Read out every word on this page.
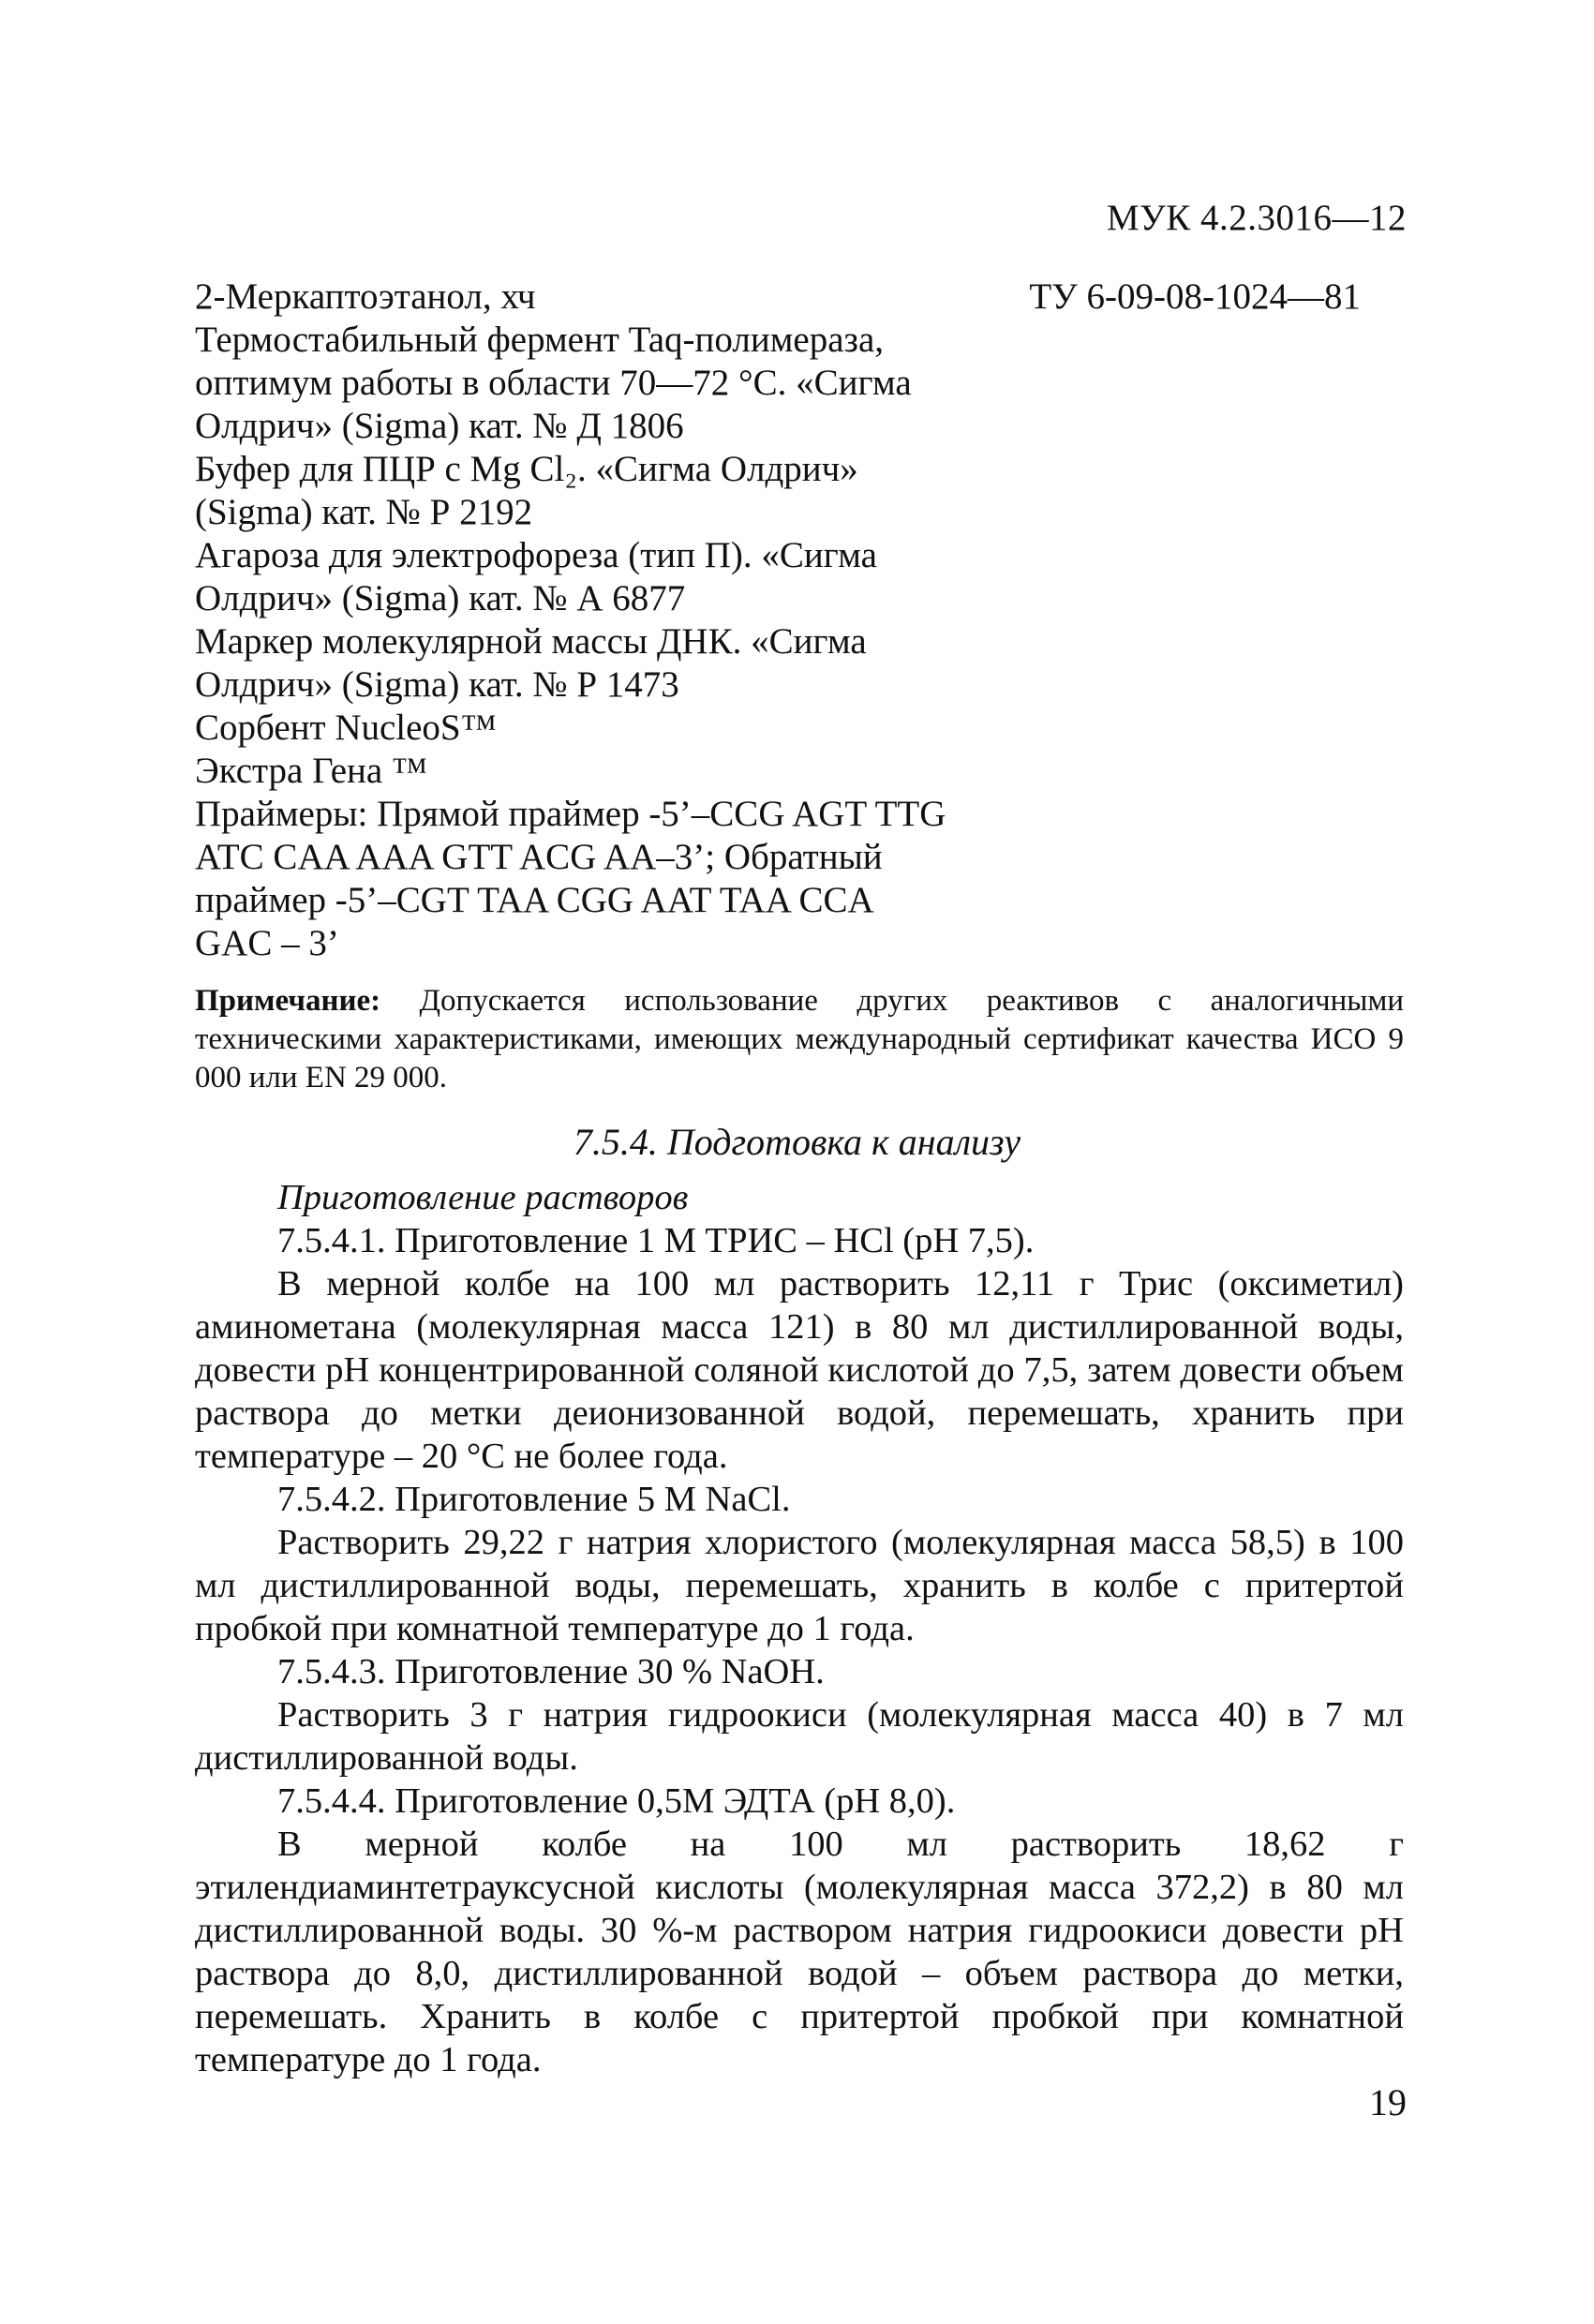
МУК 4.2.3016—12
2-Меркаптоэтанол, хч	ТУ 6-09-08-1024—81
Термостабильный фермент Taq-полимераза,
оптимум работы в области 70—72 °С. «Сигма
Олдрич» (Sigma) кат. № Д 1806
Буфер для ПЦР с Mg Cl₂. «Сигма Олдрич»
(Sigma) кат. № Р 2192
Агароза для электрофореза (тип П). «Сигма
Олдрич» (Sigma) кат. № А 6877
Маркер молекулярной массы ДНК. «Сигма
Олдрич» (Sigma) кат. № Р 1473
Сорбент NucleoS™
Экстра Гена ™
Праймеры: Прямой праймер -5’–CCG AGT TTG
ATC CAA AAA GTT ACG AA–3’; Обратный
праймер -5’–CGT TAA CGG AAT TAA CCA
GAC – 3’
Примечание: Допускается использование других реактивов с аналогичными техническими характеристиками, имеющих международный сертификат качества ИСО 9 000 или EN 29 000.
7.5.4. Подготовка к анализу
Приготовление растворов
7.5.4.1. Приготовление 1 М ТРИС – HCl (pH 7,5).

В мерной колбе на 100 мл растворить 12,11 г Трис (оксиметил) аминометана (молекулярная масса 121) в 80 мл дистиллированной воды, довести pH концентрированной соляной кислотой до 7,5, затем довести объем раствора до метки деионизованной водой, перемешать, хранить при температуре – 20 °С не более года.

7.5.4.2. Приготовление 5 М NaCl.

Растворить 29,22 г натрия хлористого (молекулярная масса 58,5) в 100 мл дистиллированной воды, перемешать, хранить в колбе с притертой пробкой при комнатной температуре до 1 года.

7.5.4.3. Приготовление 30 % NaOH.

Растворить 3 г натрия гидроокиси (молекулярная масса 40) в 7 мл дистиллированной воды.

7.5.4.4. Приготовление 0,5М ЭДТА (pH 8,0).

В мерной колбе на 100 мл растворить 18,62 г этилендиаминтетрауксусной кислоты (молекулярная масса 372,2) в 80 мл дистиллированной воды. 30 %-м раствором натрия гидроокиси довести pH раствора до 8,0, дистиллированной водой – объем раствора до метки, перемешать. Хранить в колбе с притертой пробкой при комнатной температуре до 1 года.

19
